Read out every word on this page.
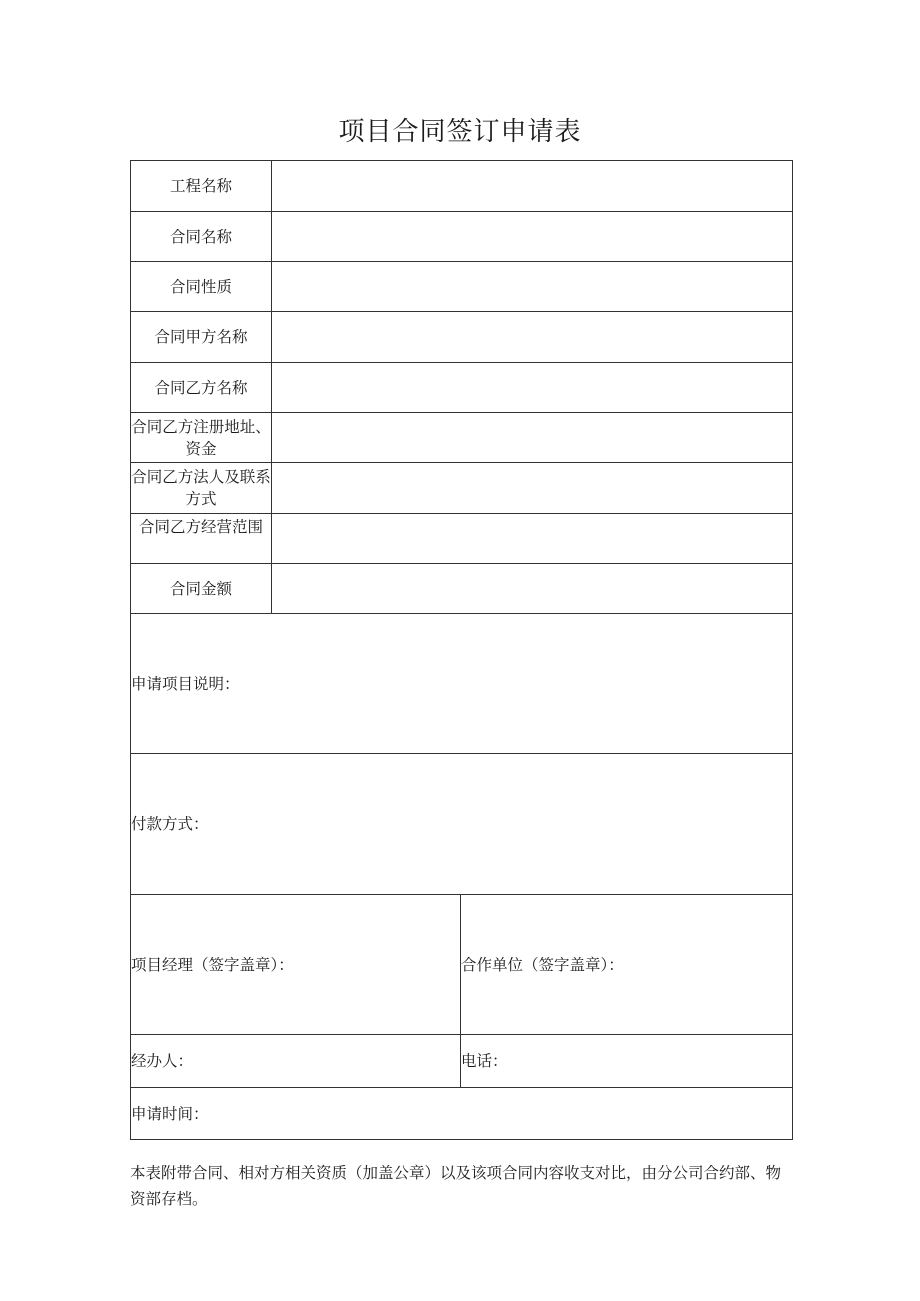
项目合同签订申请表
工程名称		
合同名称		
合同性质		
合同甲方名称		
合同乙方名称		
合同乙方注册地址、资金		
合同乙方法人及联系方式		
合同乙方经营范围		
合同金额		
申请项目说明：		
付款方式：		
项目经理（签字盖章）：		合作单位（签字盖章）：
经办人：		电话：
申请时间：		

本表附带合同、相对方相关资质（加盖公章）以及该项合同内容收支对比，由分公司合约部、物资部存档。
